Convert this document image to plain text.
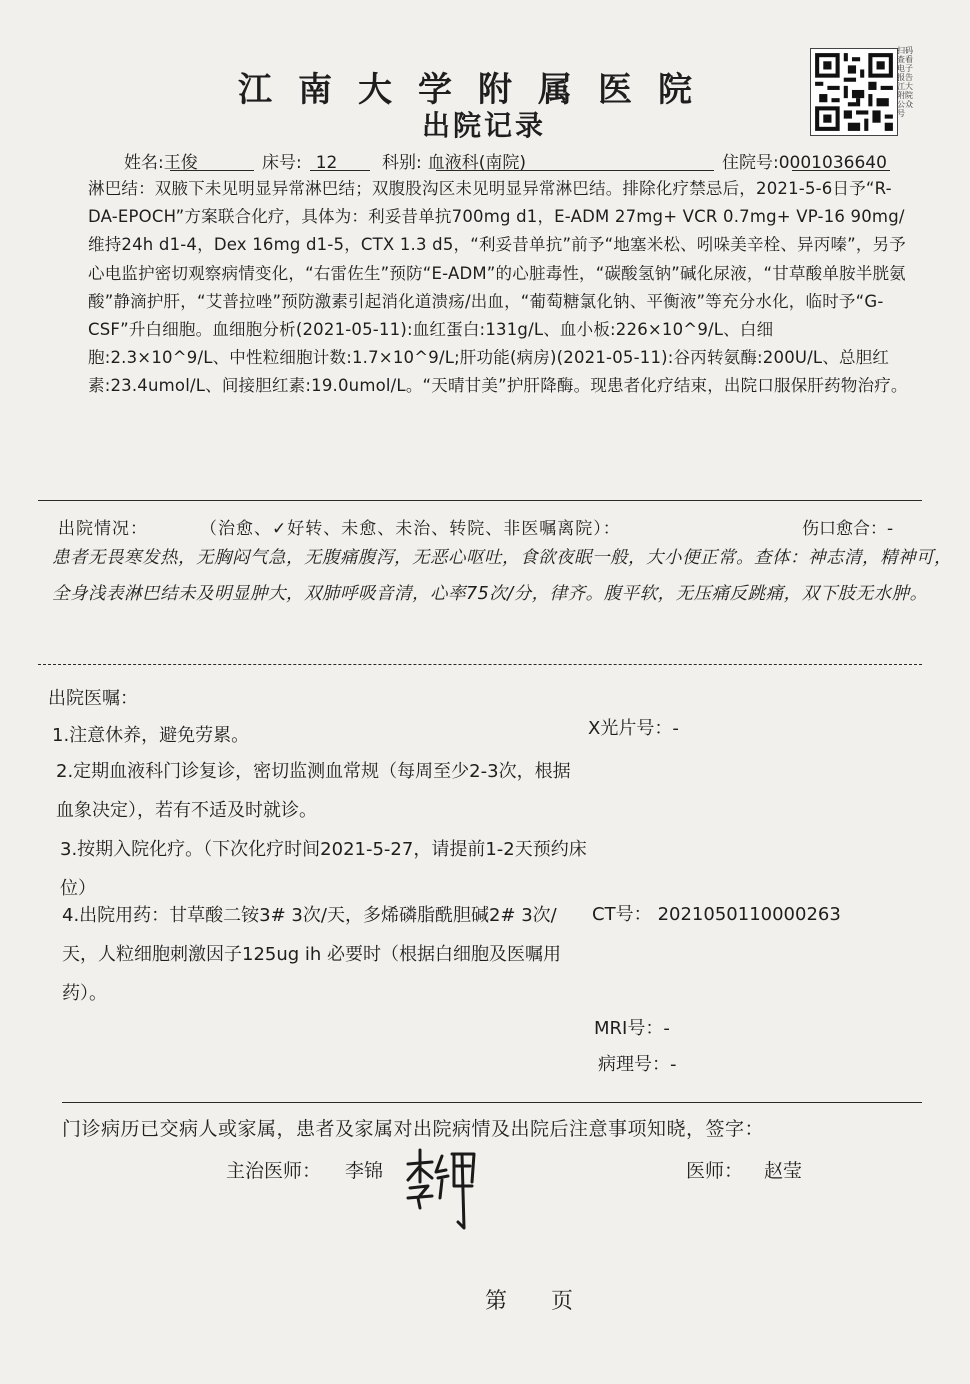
江南大学附属医院
出院记录
扫码查看电子报告江大附院公众号
姓名:王俊	床号: 12	科别: 血液科(南院)	住院号:0001036640
淋巴结：双腋下未见明显异常淋巴结；双腹股沟区未见明显异常淋巴结。排除化疗禁忌后，2021-5-6日予“R-DA-EPOCH”方案联合化疗，具体为：利妥昔单抗700mg d1，E-ADM 27mg+ VCR 0.7mg+ VP-16 90mg/维持24h d1-4，Dex 16mg d1-5，CTX 1.3 d5，“利妥昔单抗”前予“地塞米松、吲哚美辛栓、异丙嗪”，另予心电监护密切观察病情变化，“右雷佐生”预防“E-ADM”的心脏毒性，“碳酸氢钠”碱化尿液，“甘草酸单胺半胱氨酸”静滴护肝，“艾普拉唑”预防激素引起消化道溃疡/出血，“葡萄糖氯化钠、平衡液”等充分水化，临时予“G-CSF”升白细胞。血细胞分析(2021-05-11):血红蛋白:131g/L、血小板:226×10^9/L、白细胞:2.3×10^9/L、中性粒细胞计数:1.7×10^9/L;肝功能(病房)(2021-05-11):谷丙转氨酶:200U/L、总胆红素:23.4umol/L、间接胆红素:19.0umol/L。“天晴甘美”护肝降酶。现患者化疗结束，出院口服保肝药物治疗。
出院情况：	（治愈、✓好转、未愈、未治、转院、非医嘱离院）：	伤口愈合：-
患者无畏寒发热，无胸闷气急，无腹痛腹泻，无恶心呕吐，食欲夜眠一般，大小便正常。查体：神志清，精神可，全身浅表淋巴结未及明显肿大，双肺呼吸音清，心率75次/分，律齐。腹平软，无压痛反跳痛，双下肢无水肿。
出院医嘱：
1.注意休养，避免劳累。
2.定期血液科门诊复诊，密切监测血常规（每周至少2-3次，根据血象决定），若有不适及时就诊。
3.按期入院化疗。（下次化疗时间2021-5-27，请提前1-2天预约床位）
4.出院用药：甘草酸二铵3# 3次/天，多烯磷脂酰胆碱2# 3次/天，人粒细胞刺激因子125ug ih 必要时（根据白细胞及医嘱用药）。
X光片号：-
CT号： 2021050110000263
MRI号：-
病理号：-
门诊病历已交病人或家属，患者及家属对出院病情及出院后注意事项知晓，签字：
主治医师： 李锦	医师： 赵莹
第页
